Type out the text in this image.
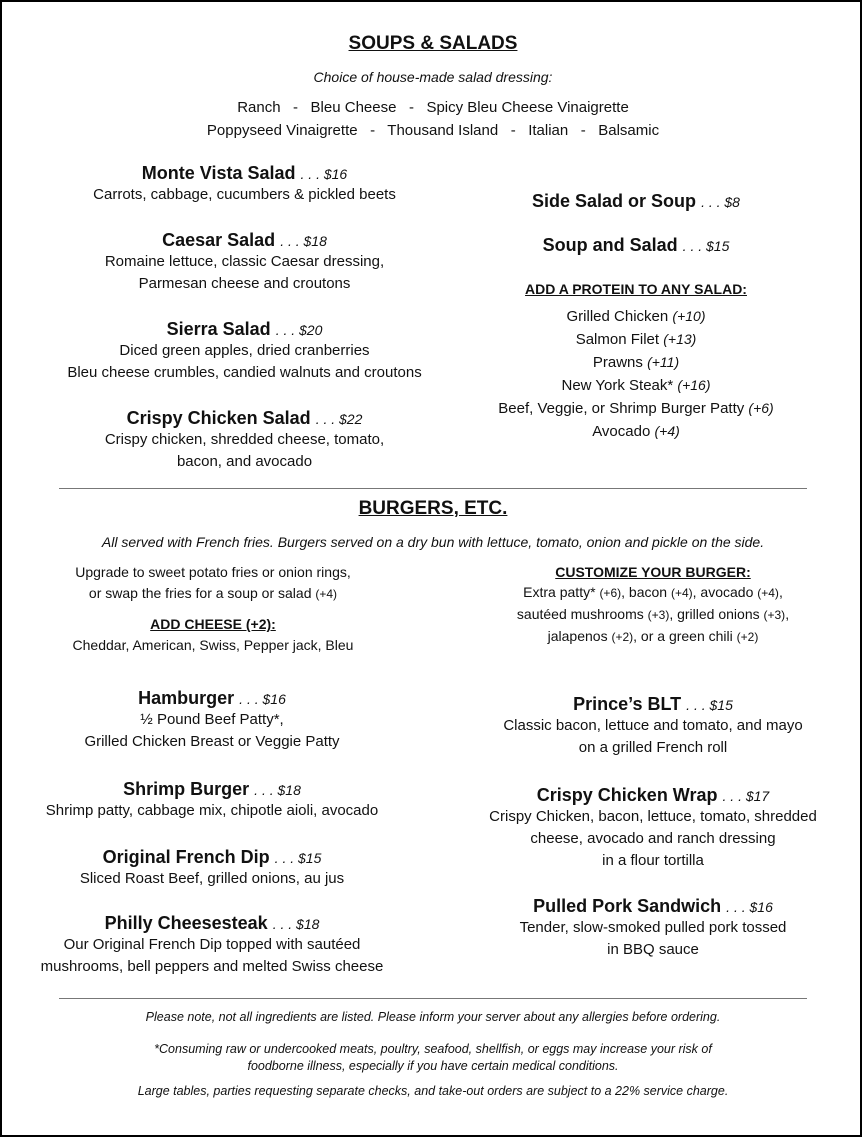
SOUPS & SALADS
Choice of house-made salad dressing:
Ranch   -   Bleu Cheese   -   Spicy Bleu Cheese Vinaigrette
Poppyseed Vinaigrette   -   Thousand Island   -   Italian   -   Balsamic
Monte Vista Salad . . . $16
Carrots, cabbage, cucumbers & pickled beets
Caesar Salad . . . $18
Romaine lettuce, classic Caesar dressing,
Parmesan cheese and croutons
Sierra Salad . . . $20
Diced green apples, dried cranberries
Bleu cheese crumbles, candied walnuts and croutons
Crispy Chicken Salad . . . $22
Crispy chicken, shredded cheese, tomato,
bacon, and avocado
Side Salad or Soup . . . $8
Soup and Salad . . . $15
ADD A PROTEIN TO ANY SALAD:
Grilled Chicken (+10)
Salmon Filet (+13)
Prawns (+11)
New York Steak* (+16)
Beef, Veggie, or Shrimp Burger Patty (+6)
Avocado (+4)
BURGERS, ETC.
All served with French fries. Burgers served on a dry bun with lettuce, tomato, onion and pickle on the side.
Upgrade to sweet potato fries or onion rings,
or swap the fries for a soup or salad (+4)
ADD CHEESE (+2):
Cheddar, American, Swiss, Pepper jack, Bleu
CUSTOMIZE YOUR BURGER:
Extra patty* (+6), bacon (+4), avocado (+4),
sautéed mushrooms (+3), grilled onions (+3),
jalapenos (+2), or a green chili (+2)
Hamburger . . . $16
½ Pound Beef Patty*,
Grilled Chicken Breast or Veggie Patty
Shrimp Burger . . . $18
Shrimp patty, cabbage mix, chipotle aioli, avocado
Original French Dip . . . $15
Sliced Roast Beef, grilled onions, au jus
Philly Cheesesteak . . . $18
Our Original French Dip topped with sautéed
mushrooms, bell peppers and melted Swiss cheese
Prince’s BLT . . . $15
Classic bacon, lettuce and tomato, and mayo
on a grilled French roll
Crispy Chicken Wrap . . . $17
Crispy Chicken, bacon, lettuce, tomato, shredded
cheese, avocado and ranch dressing
in a flour tortilla
Pulled Pork Sandwich . . . $16
Tender, slow-smoked pulled pork tossed
in BBQ sauce
Please note, not all ingredients are listed. Please inform your server about any allergies before ordering.
*Consuming raw or undercooked meats, poultry, seafood, shellfish, or eggs may increase your risk of
foodborne illness, especially if you have certain medical conditions.
Large tables, parties requesting separate checks, and take-out orders are subject to a 22% service charge.
